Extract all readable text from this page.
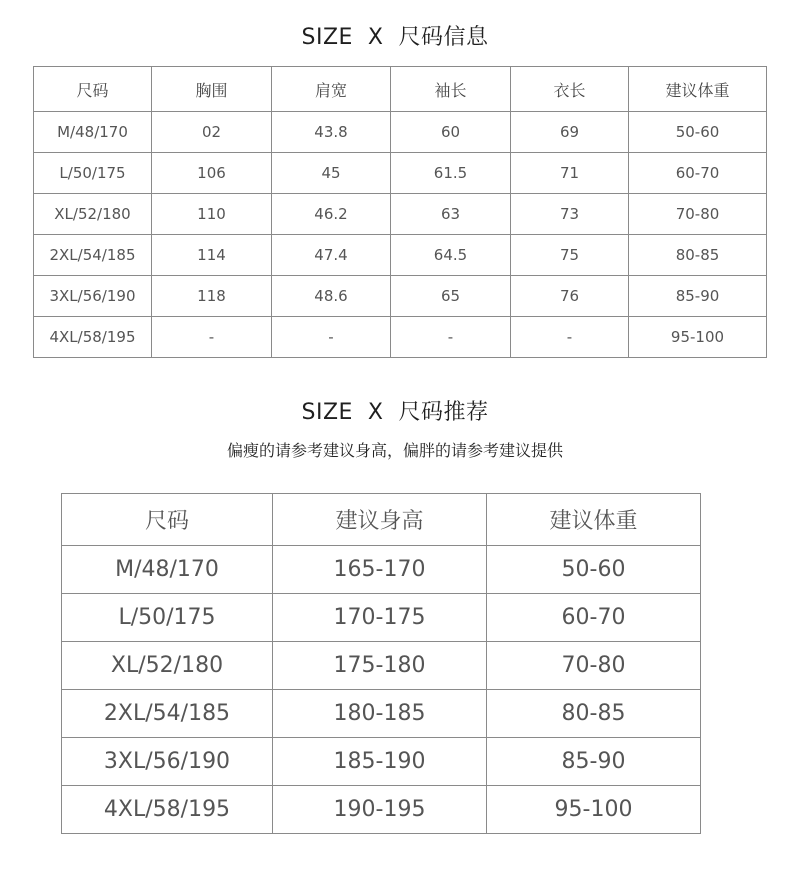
SIZE  X  尺码信息
尺码	胸围	肩宽	袖长	衣长	建议体重
M/48/170	02	43.8	60	69	50-60
L/50/175	106	45	61.5	71	60-70
XL/52/180	110	46.2	63	73	70-80
2XL/54/185	114	47.4	64.5	75	80-85
3XL/56/190	118	48.6	65	76	85-90
4XL/58/195	-	-	-	-	95-100
SIZE  X  尺码推荐
偏瘦的请参考建议身高，偏胖的请参考建议提供
尺码	建议身高	建议体重
M/48/170	165-170	50-60
L/50/175	170-175	60-70
XL/52/180	175-180	70-80
2XL/54/185	180-185	80-85
3XL/56/190	185-190	85-90
4XL/58/195	190-195	95-100
